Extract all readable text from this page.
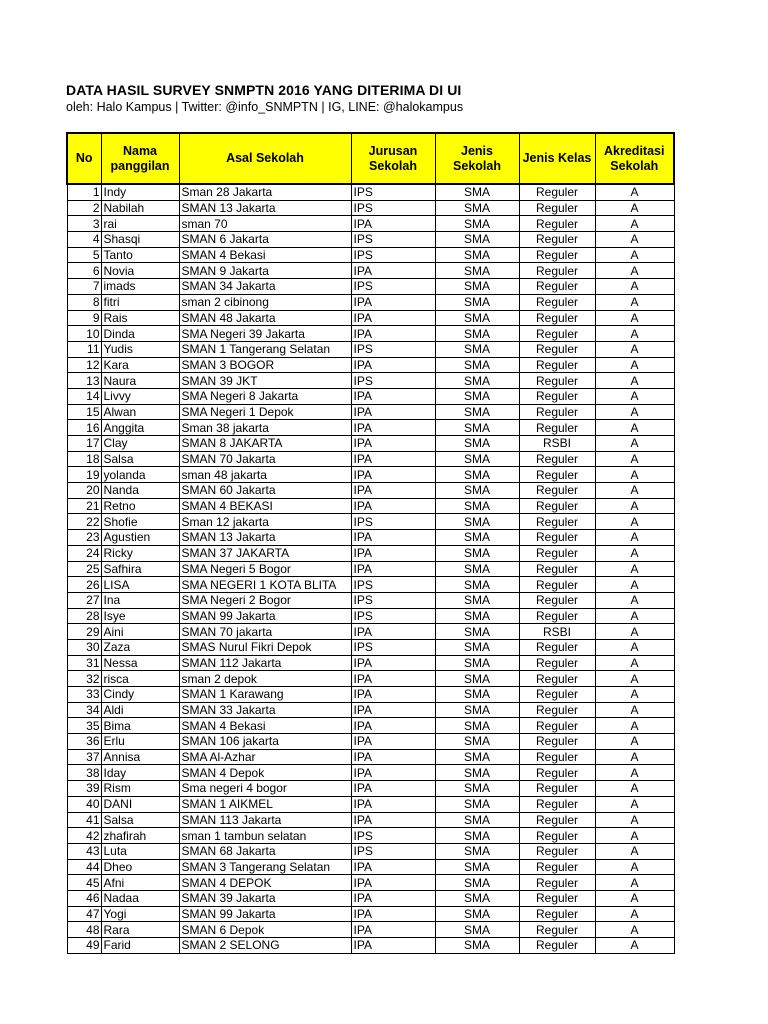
DATA HASIL SURVEY SNMPTN 2016 YANG DITERIMA DI UI
oleh: Halo Kampus | Twitter: @info_SNMPTN | IG, LINE: @halokampus
No	Nama panggilan	Asal Sekolah	Jurusan Sekolah	Jenis Sekolah	Jenis Kelas	Akreditasi Sekolah
1	Indy	Sman 28 Jakarta	IPS	SMA	Reguler	A
2	Nabilah	SMAN 13 Jakarta	IPS	SMA	Reguler	A
3	rai	sman 70	IPA	SMA	Reguler	A
4	Shasqi	SMAN 6 Jakarta	IPS	SMA	Reguler	A
5	Tanto	SMAN 4 Bekasi	IPS	SMA	Reguler	A
6	Novia	SMAN 9 Jakarta	IPA	SMA	Reguler	A
7	imads	SMAN 34 Jakarta	IPS	SMA	Reguler	A
8	fitri	sman 2 cibinong	IPA	SMA	Reguler	A
9	Rais	SMAN 48 Jakarta	IPA	SMA	Reguler	A
10	Dinda	SMA Negeri 39 Jakarta	IPA	SMA	Reguler	A
11	Yudis	SMAN 1 Tangerang Selatan	IPS	SMA	Reguler	A
12	Kara	SMAN 3 BOGOR	IPA	SMA	Reguler	A
13	Naura	SMAN 39 JKT	IPS	SMA	Reguler	A
14	Livvy	SMA Negeri 8 Jakarta	IPA	SMA	Reguler	A
15	Alwan	SMA Negeri 1 Depok	IPA	SMA	Reguler	A
16	Anggita	Sman 38 jakarta	IPA	SMA	Reguler	A
17	Clay	SMAN 8 JAKARTA	IPA	SMA	RSBI	A
18	Salsa	SMAN 70 Jakarta	IPA	SMA	Reguler	A
19	yolanda	sman 48 jakarta	IPA	SMA	Reguler	A
20	Nanda	SMAN 60 Jakarta	IPA	SMA	Reguler	A
21	Retno	SMAN 4 BEKASI	IPA	SMA	Reguler	A
22	Shofie	Sman 12 jakarta	IPS	SMA	Reguler	A
23	Agustien	SMAN 13 Jakarta	IPA	SMA	Reguler	A
24	Ricky	SMAN 37 JAKARTA	IPA	SMA	Reguler	A
25	Safhira	SMA Negeri 5 Bogor	IPA	SMA	Reguler	A
26	LISA	SMA NEGERI 1 KOTA BLITA	IPS	SMA	Reguler	A
27	Ina	SMA Negeri 2 Bogor	IPS	SMA	Reguler	A
28	Isye	SMAN 99 Jakarta	IPS	SMA	Reguler	A
29	Aini	SMAN 70 jakarta	IPA	SMA	RSBI	A
30	Zaza	SMAS Nurul Fikri Depok	IPS	SMA	Reguler	A
31	Nessa	SMAN 112 Jakarta	IPA	SMA	Reguler	A
32	risca	sman 2 depok	IPA	SMA	Reguler	A
33	Cindy	SMAN 1 Karawang	IPA	SMA	Reguler	A
34	Aldi	SMAN 33 Jakarta	IPA	SMA	Reguler	A
35	Bima	SMAN 4 Bekasi	IPA	SMA	Reguler	A
36	Erlu	SMAN 106 jakarta	IPA	SMA	Reguler	A
37	Annisa	SMA Al-Azhar	IPA	SMA	Reguler	A
38	Iday	SMAN 4 Depok	IPA	SMA	Reguler	A
39	Rism	Sma negeri 4 bogor	IPA	SMA	Reguler	A
40	DANI	SMAN 1 AIKMEL	IPA	SMA	Reguler	A
41	Salsa	SMAN 113 Jakarta	IPA	SMA	Reguler	A
42	zhafirah	sman 1 tambun selatan	IPS	SMA	Reguler	A
43	Luta	SMAN 68 Jakarta	IPS	SMA	Reguler	A
44	Dheo	SMAN 3 Tangerang Selatan	IPA	SMA	Reguler	A
45	Afni	SMAN 4 DEPOK	IPA	SMA	Reguler	A
46	Nadaa	SMAN 39 Jakarta	IPA	SMA	Reguler	A
47	Yogi	SMAN 99 Jakarta	IPA	SMA	Reguler	A
48	Rara	SMAN 6 Depok	IPA	SMA	Reguler	A
49	Farid	SMAN 2 SELONG	IPA	SMA	Reguler	A
